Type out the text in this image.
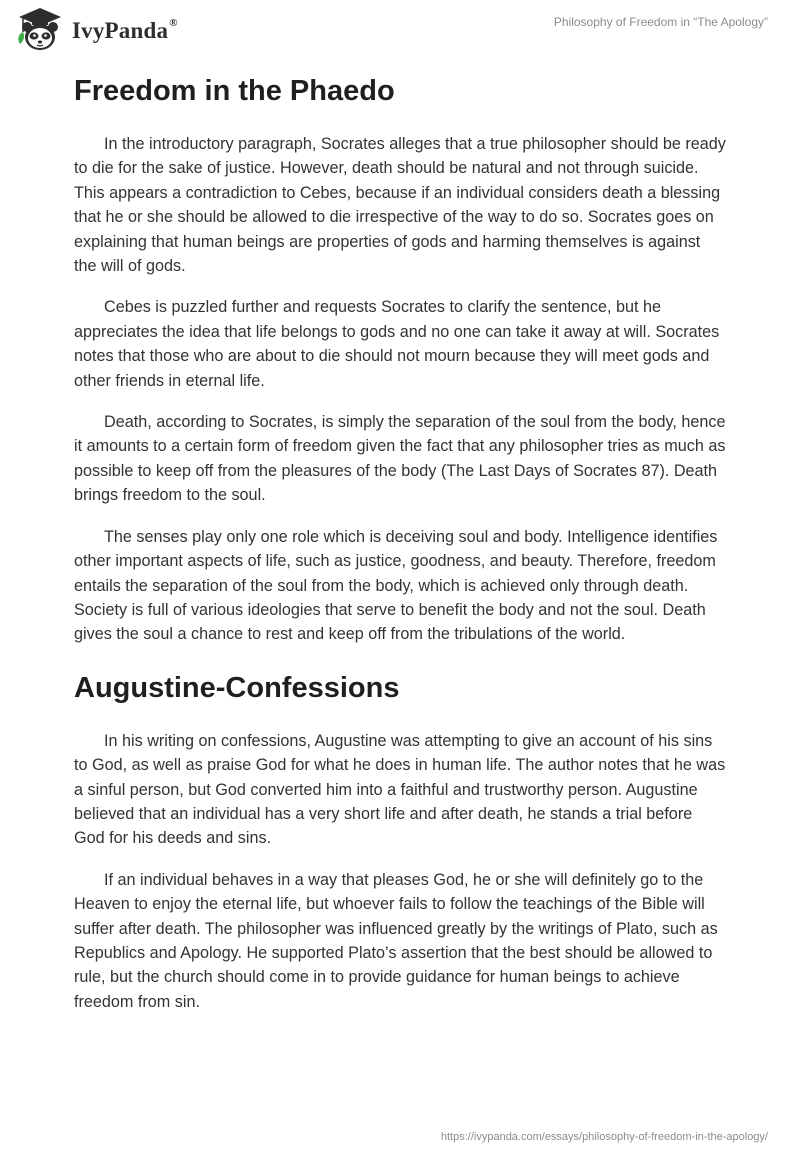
IvyPanda®	Philosophy of Freedom in “The Apology”
Freedom in the Phaedo

In the introductory paragraph, Socrates alleges that a true philosopher should be ready to die for the sake of justice. However, death should be natural and not through suicide. This appears a contradiction to Cebes, because if an individual considers death a blessing that he or she should be allowed to die irrespective of the way to do so. Socrates goes on explaining that human beings are properties of gods and harming themselves is against the will of gods.

Cebes is puzzled further and requests Socrates to clarify the sentence, but he appreciates the idea that life belongs to gods and no one can take it away at will. Socrates notes that those who are about to die should not mourn because they will meet gods and other friends in eternal life.

Death, according to Socrates, is simply the separation of the soul from the body, hence it amounts to a certain form of freedom given the fact that any philosopher tries as much as possible to keep off from the pleasures of the body (The Last Days of Socrates 87). Death brings freedom to the soul.

The senses play only one role which is deceiving soul and body. Intelligence identifies other important aspects of life, such as justice, goodness, and beauty. Therefore, freedom entails the separation of the soul from the body, which is achieved only through death. Society is full of various ideologies that serve to benefit the body and not the soul. Death gives the soul a chance to rest and keep off from the tribulations of the world.

Augustine-Confessions

In his writing on confessions, Augustine was attempting to give an account of his sins to God, as well as praise God for what he does in human life. The author notes that he was a sinful person, but God converted him into a faithful and trustworthy person. Augustine believed that an individual has a very short life and after death, he stands a trial before God for his deeds and sins.

If an individual behaves in a way that pleases God, he or she will definitely go to the Heaven to enjoy the eternal life, but whoever fails to follow the teachings of the Bible will suffer after death. The philosopher was influenced greatly by the writings of Plato, such as Republics and Apology. He supported Plato’s assertion that the best should be allowed to rule, but the church should come in to provide guidance for human beings to achieve freedom from sin.

https://ivypanda.com/essays/philosophy-of-freedom-in-the-apology/
